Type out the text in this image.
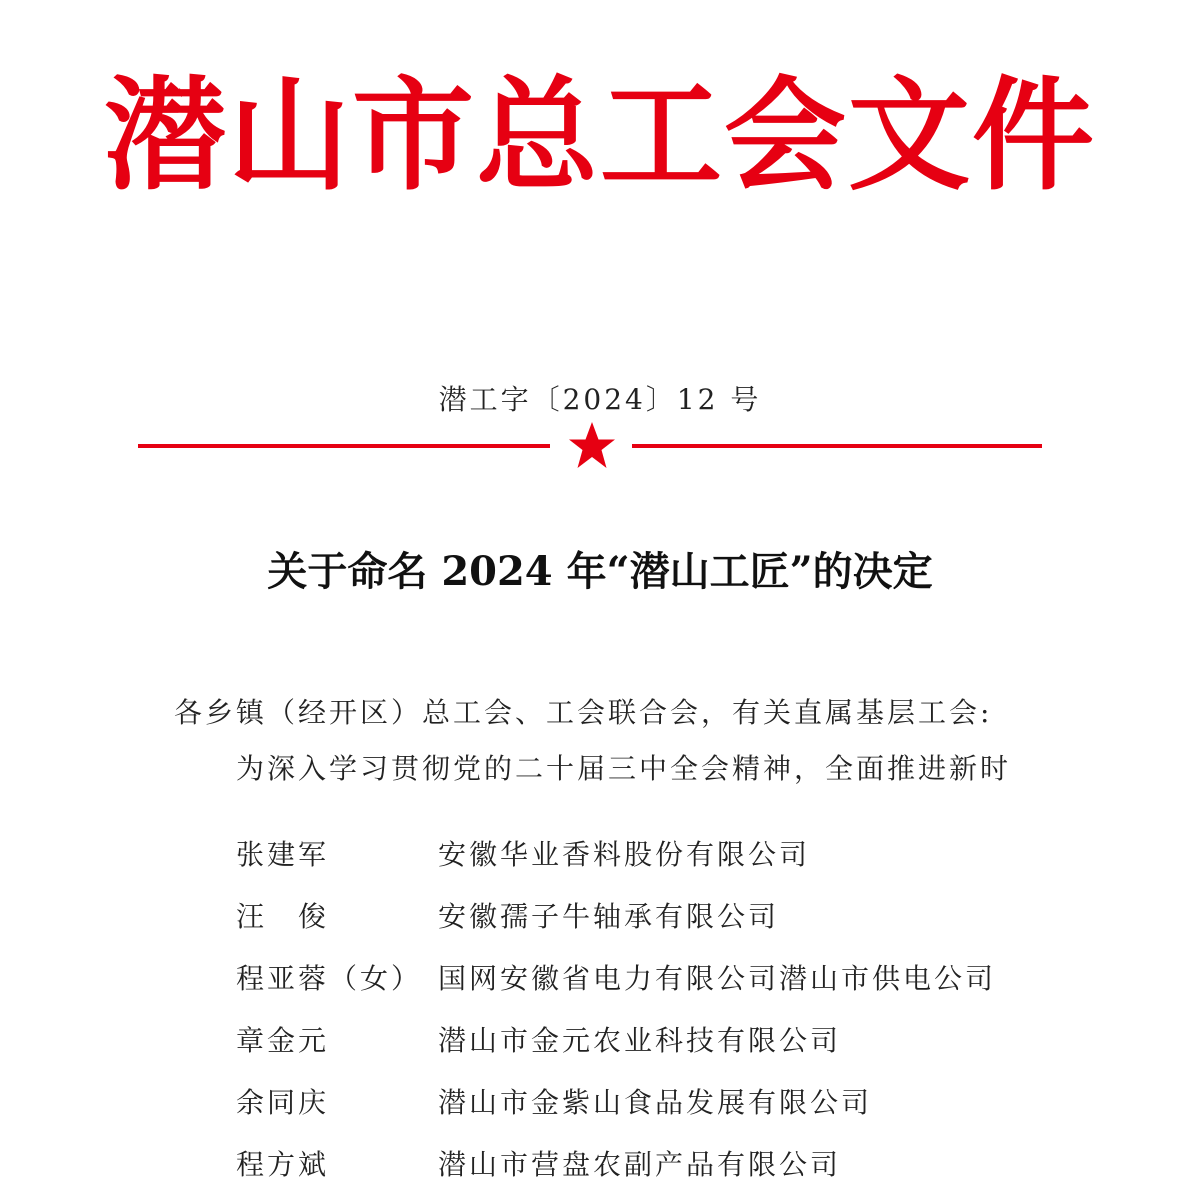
潜山市总工会文件
潜工字〔2024〕12 号
关于命名 2024 年“潜山工匠”的决定
各乡镇（经开区）总工会、工会联合会，有关直属基层工会:
为深入学习贯彻党的二十届三中全会精神，全面推进新时
张建军	安徽华业香料股份有限公司
汪　俊	安徽孺子牛轴承有限公司
程亚蓉（女） 国网安徽省电力有限公司潜山市供电公司
章金元	潜山市金元农业科技有限公司
余同庆	潜山市金紫山食品发展有限公司
程方斌	潜山市营盘农副产品有限公司
